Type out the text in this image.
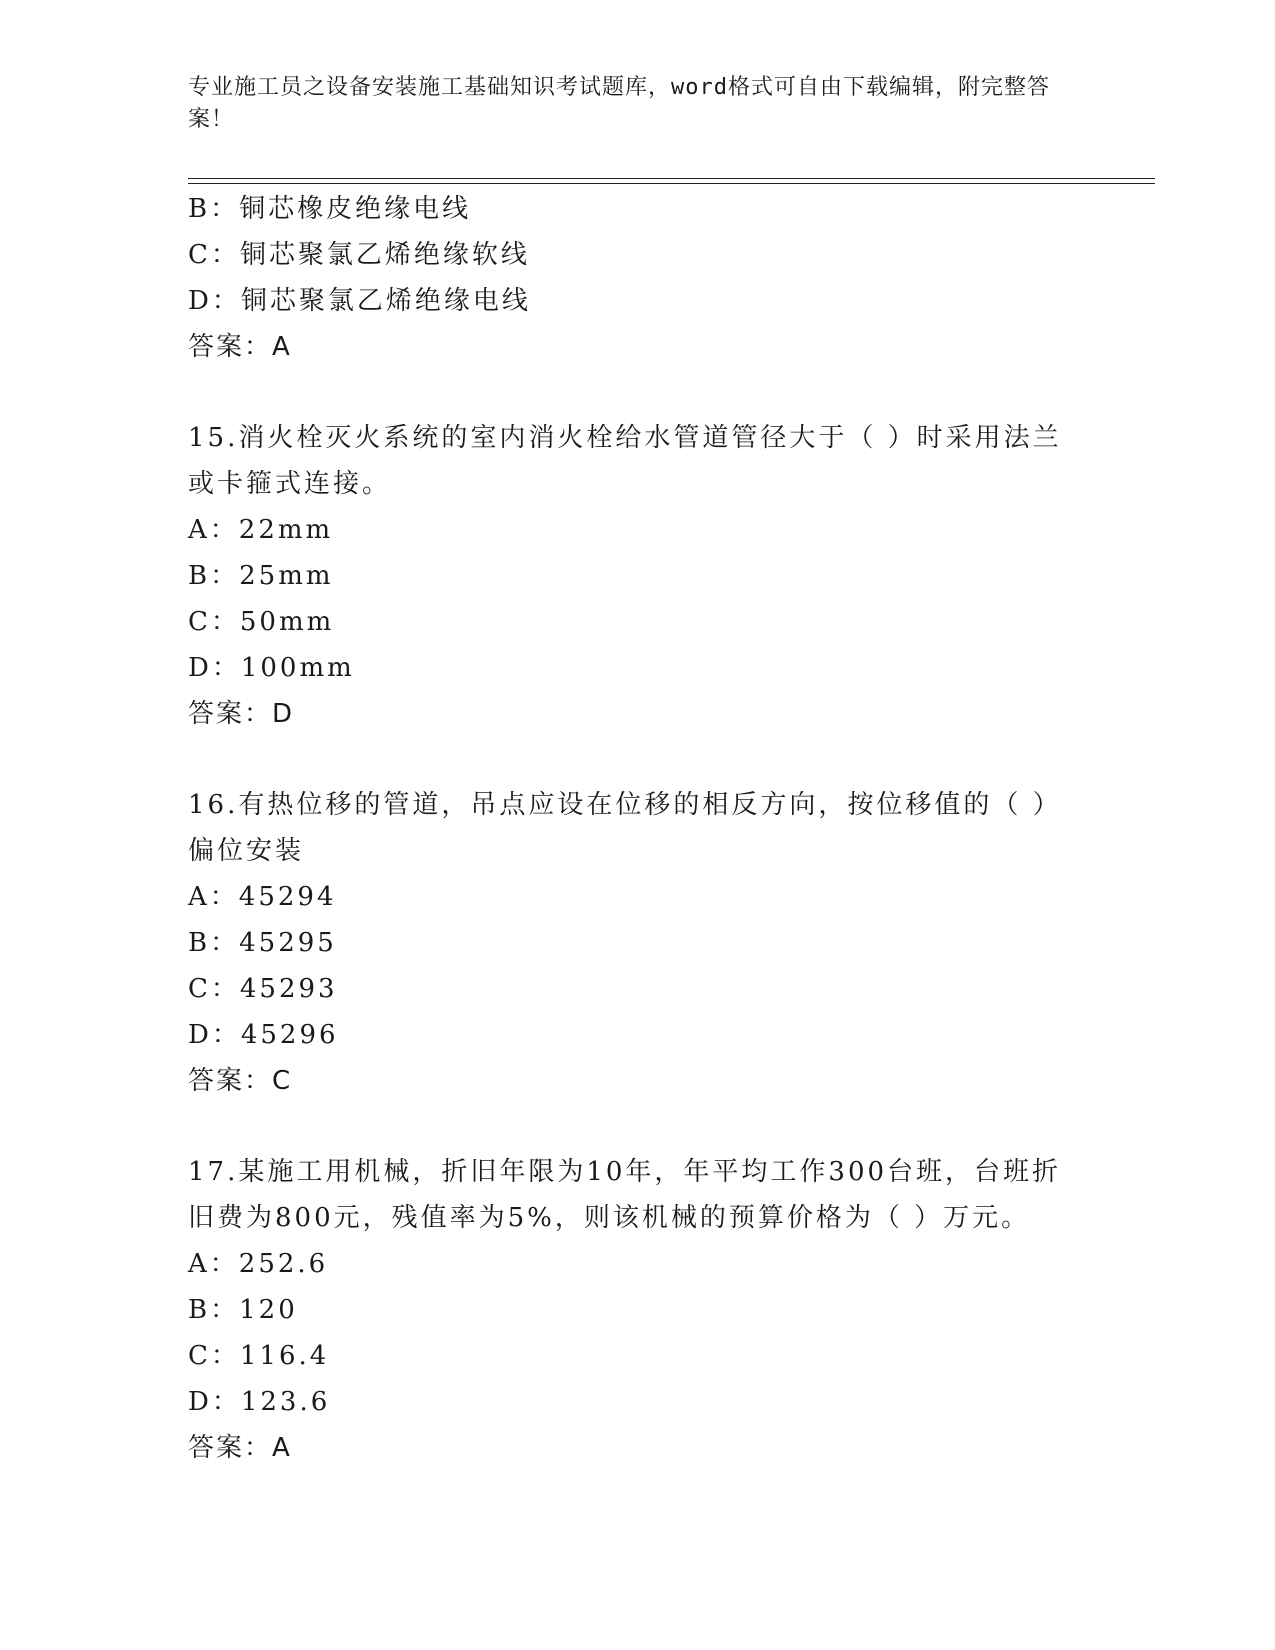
专业施工员之设备安装施工基础知识考试题库，word格式可自由下载编辑，附完整答案！
B：铜芯橡皮绝缘电线
C：铜芯聚氯乙烯绝缘软线
D：铜芯聚氯乙烯绝缘电线
答案：A
15.消火栓灭火系统的室内消火栓给水管道管径大于（ ）时采用法兰或卡箍式连接。
A：22mm
B：25mm
C：50mm
D：100mm
答案：D
16.有热位移的管道，吊点应设在位移的相反方向，按位移值的（ ）偏位安装
A：45294
B：45295
C：45293
D：45296
答案：C
17.某施工用机械，折旧年限为10年，年平均工作300台班，台班折旧费为800元，残值率为5%，则该机械的预算价格为（ ）万元。
A：252.6
B：120
C：116.4
D：123.6
答案：A
